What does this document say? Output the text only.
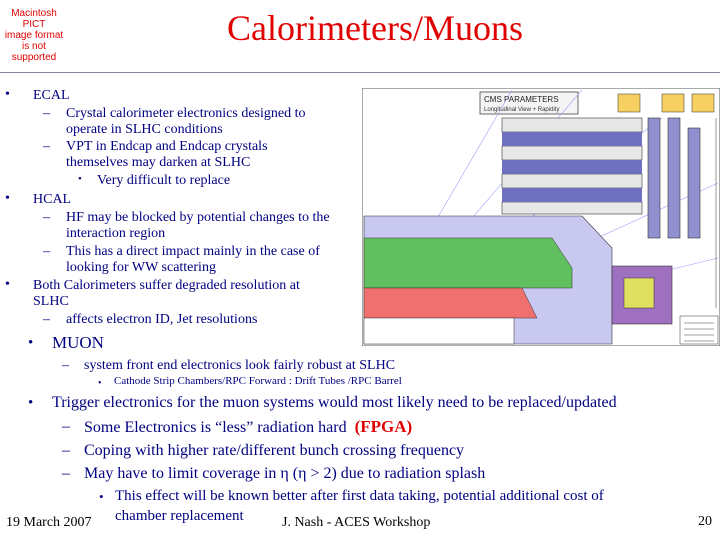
Macintosh PICT
image format
is not supported
Calorimeters/Muons
• ECAL
– Crystal calorimeter electronics designed to
operate in SLHC conditions
– VPT in Endcap and Endcap crystals
themselves may darken at SLHC
• Very difficult to replace
• HCAL
– HF may be blocked by potential changes to the
interaction region
– This has a direct impact mainly in the case of
looking for WW scattering
• Both Calorimeters suffer degraded resolution at
SLHC
– affects electron ID, Jet resolutions
• MUON
– system front end electronics look fairly robust at SLHC
• Cathode Strip Chambers/RPC Forward : Drift Tubes /RPC Barrel
• Trigger electronics for the muon systems would most likely need to be replaced/updated
– Some Electronics is “less” radiation hard (FPGA)
– Coping with higher rate/different bunch crossing frequency
– May have to limit coverage in η (η > 2) due to radiation splash
• This effect will be known better after first data taking, potential additional cost of
chamber replacement
19 March 2007	J. Nash - ACES Workshop	20
CMS PARAMETERS
Longitudinal View + Rapidity
